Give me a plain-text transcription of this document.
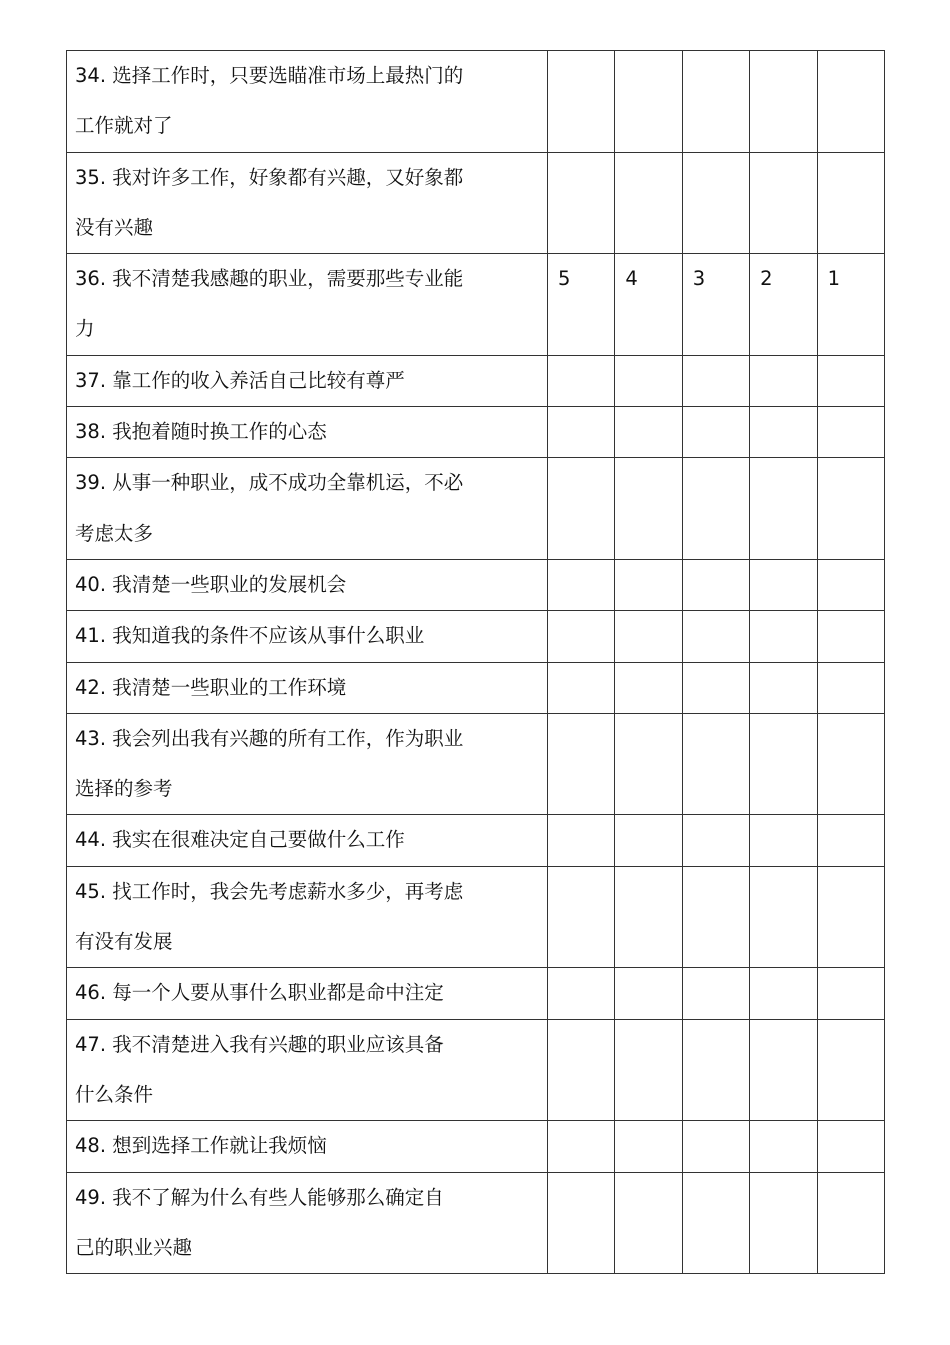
34. 选择工作时，只要选瞄准市场上最热门的
工作就对了					

35. 我对许多工作，好象都有兴趣，又好象都
没有兴趣					

36. 我不清楚我感趣的职业，需要那些专业能
力	5	4	3	2	1

37. 靠工作的收入养活自己比较有尊严					

38. 我抱着随时换工作的心态					

39. 从事一种职业，成不成功全靠机运，不必
考虑太多					

40. 我清楚一些职业的发展机会					

41. 我知道我的条件不应该从事什么职业					

42. 我清楚一些职业的工作环境					

43. 我会列出我有兴趣的所有工作，作为职业
选择的参考					

44. 我实在很难决定自己要做什么工作					

45. 找工作时，我会先考虑薪水多少，再考虑
有没有发展					

46. 每一个人要从事什么职业都是命中注定					

47. 我不清楚进入我有兴趣的职业应该具备
什么条件					

48. 想到选择工作就让我烦恼					

49. 我不了解为什么有些人能够那么确定自
己的职业兴趣					
